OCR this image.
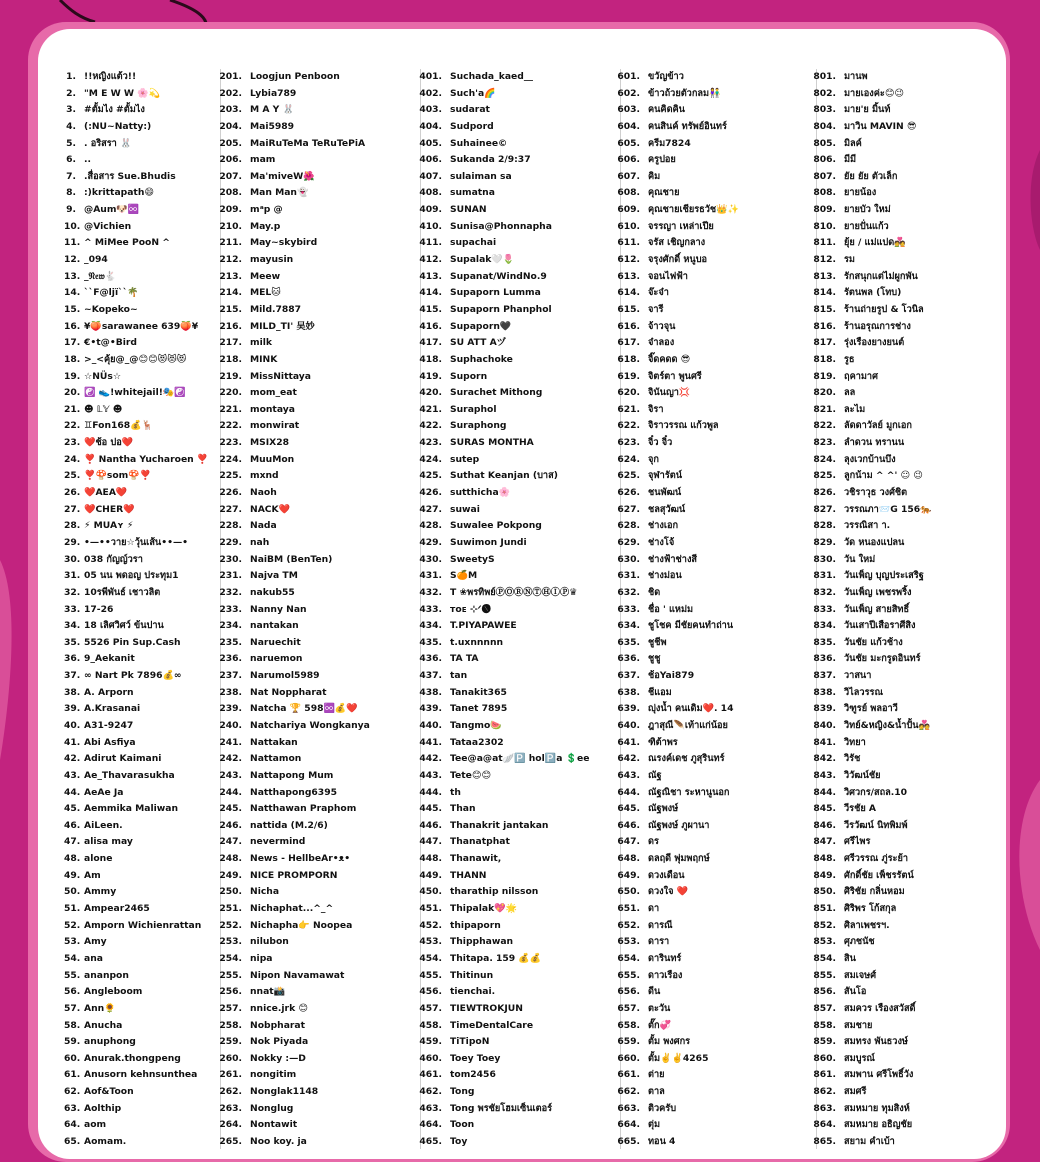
1. !!หญิงแต้ว!!
2. "M E W W 🌸💫
3. #ตั้มไง #ตั้มไง
4. (:NU~Natty:)
5. . อริสรา 🐰
6. ..
7. .สื่อสาร Sue.Bhudis
8. :)krittapath😄
9. @Aum🐶♾️
10. @Vichien
11. ^ MiMee PooN ^
12. _094
13. _𝔑𝔢𝔴🐇
14. ``F@ljï``🌴
15. ~Kopeko~
16. ¥🍑sarawanee 639🍑¥
17. €•t@•Bird
18. >_<คุ้ย@_@😊😊😻😻😻
19. ☆NÜs☆
20. ☯️ 👟!whitejail!🎭☯️
21. ☻ 𝕃𝕐 ☻
22. ♊Fon168💰🦌
23. ❤️ช้อ ปอ❤️
24. ❣️ Nantha Yucharoen ❣️
25. ❣️🍄som🍄❣️
26. ❤️AEA❤️
27. ❤️CHER❤️
28. ⚡ MUAʏ ⚡
29. •—••วาย☆วุ้นเส้น••—•
30. 038 กัญญ์วรา
31. 05 นน พดอญ ประทุม1
32. 10รพีพันธ์ เชาวลิต
33. 17-26
34. 18 เลิศวิศว์ ข้นปาน
35. 5526 Pin Sup.Cash
36. 9_Aekanit
37. ∞ Nart Pk 7896💰∞
38. A. Arporn
39. A.Krasanai
40. A31-9247
41. Abi Asfiya
42. Adirut Kaimani
43. Ae_Thavarasukha
44. AeAe Ja
45. Aemmika Maliwan
46. AiLeen.
47. alisa may
48. alone
49. Am
50. Ammy
51. Ampear2465
52. Amporn Wichienrattan
53. Amy
54. ana
55. ananpon
56. Angleboom
57. Ann🌻
58. Anucha
59. anuphong
60. Anurak.thongpeng
61. Anusorn kehnsunthea
62. Aof&Toon
63. Aolthip
64. aom
65. Aomam.
201. Loogjun Penboon
202. Lybia789
203. M A Y 🐰
204. Mai5989
205. MaiRuTeMa TeRuTePiA
206. mam
207. Ma'miveW🌺
208. Man Man👻
209. mᵃp @
210. May.p
211. May~skybird
212. mayusin
213. Meew
214. MEL🐱
215. Mild.7887
216. MILD_TI' 吴妙
217. milk
218. MINK
219. MissNittaya
220. mom_eat
221. montaya
222. monwirat
223. MSIX28
224. MuuMon
225. mxnd
226. Naoh
227. NACK❤️
228. Nada
229. nah
230. NaiBM (BenTen)
231. Najva TM
232. nakub55
233. Nanny Nan
234. nantakan
235. Naruechit
236. naruemon
237. Narumol5989
238. Nat Noppharat
239. Natcha 🏆 598♾️💰❤️
240. Natchariya Wongkanya
241. Nattakan
242. Nattamon
243. Nattapong Mum
244. Natthapong6395
245. Natthawan Praphom
246. nattida (M.2/6)
247. nevermind
248. News - HellbeAr•ᴥ•
249. NICE PROMPORN
250. Nicha
251. Nichaphat...^_^
252. Nichapha👉 Noopea
253. nilubon
254. nipa
255. Nipon Navamawat
256. nnat📸
257. nnice.jrk 😊
258. Nobpharat
259. Nok Piyada
260. Nokky :—D
261. nongitim
262. Nonglak1148
263. Nonglug
264. Nontawit
265. Noo koy. ja
401. Suchada_kaed__
402. Such'a🌈
403. sudarat
404. Sudpord
405. Suhainee©
406. Sukanda 2/9:37
407. sulaiman sa
408. sumatna
409. SUNAN
410. Sunisa@Phonnapha
411. supachai
412. Supalak🤍🌷
413. Supanat/WindNo.9
414. Supaporn Lumma
415. Supaporn Phanphol
416. Supaporn🖤
417. SU ATT Aヅ
418. Suphachoke
419. Suporn
420. Surachet Mithong
421. Suraphol
422. Suraphong
423. SURAS MONTHA
424. sutep
425. Suthat Keanjan (บาส)
426. sutthicha🌸
427. suwai
428. Suwalee Pokpong
429. Suwimon Jundi
430. SweetyS
431. S🍊M
432. T ❀พรทิพย์ⓅⓄⓇⓃⓉⒽⒾⓅ♛
433. ᴛᴏᴇ ⊹ᐟ🅧
434. T.PIYAPAWEE
435. t.uxnnnnn
436. TA TA
437. tan
438. Tanakit365
439. Tanet 7895
440. Tangmo🍉
441. Tataa2302
442. Tee@a@at🪽🅿️ hol🅿️a 💲ee
443. Tete😊😊
444. th
445. Than
446. Thanakrit jantakan
447. Thanatphat
448. Thanawit,
449. THANN
450. tharathip nilsson
451. Thipalak💖🌟
452. thipaporn
453. Thipphawan
454. Thitapa. 159 💰💰
455. Thitinun
456. tienchai.
457. TIEWTROKJUN
458. TimeDentalCare
459. TiTipoN
460. Toey Toey
461. tom2456
462. Tong
463. Tong พรชัยโฮมเซ็นเตอร์
464. Toon
465. Toy
601. ขวัญข้าว
602. ข้าวถ้วยตัวกลม👫
603. คนคิดคิน
604. คนสินค์ ทรัพย์อินทร์
605. ครีม7824
606. ครูปอย
607. คิม
608. คุณชาย
609. คุณชายเชียรธวัช👑✨
610. จรรญา เหล่าเปีย
611. จรัส เชิญกลาง
612. จรุงศักดิ์ หนูบอ
613. จอนไฟฟ้า
614. จ๊ะจ๋า
615. จารี
616. จ้าวจุน
617. จ๋าลอง
618. จิ๊ดคดด 😎
619. จิตร์ตา พูนศรี
620. จินันญา💢
621. จิรา
622. จิราวรรณ แก้วพูล
623. จิ๋ว จิ๋ว
624. จุก
625. จุฬารัตน์
626. ชนพัฒน์
627. ชลสุวัฒน์
628. ช่างเอก
629. ช่างโจ้
630. ช่างฟ้าช่างสี
631. ช่างม่อน
632. ชิด
633. ชื่อ ' แหม่ม
634. ชูโชค มีชัยคนทำถ่าน
635. ชูชีพ
636. ชูชู
637. ช้อYai879
638. ชีแอม
639. ญุ่งน้ำ คนเดิม❤️. 14
640. ฎาสุณี🪶เท้าแก่น้อย
641. ฑิต้าพร
642. ณรงค์เดช ภูสุรินทร์
643. ณัฐ
644. ณัฐณิชา ระหานูนอก
645. ณัฐพงษ์
646. ณัฐพงษ์ ภูผานา
647. ดร
648. ดลฤดี พุ่มพฤกษ์
649. ดวงเดือน
650. ดวงใจ ❤️
651. ดา
652. ดารณี
653. ดารา
654. ดารินทร์
655. ดาวเรือง
656. ดีน
657. ตะวัน
658. ตั๊ก💞
659. ตั้ม พงศกร
660. ตั้ม✌️✌️4265
661. ต่าย
662. ตาล
663. ติวครับ
664. ตุ่ม
665. ทอน 4
801. มานพ
802. มายเองค่ะ😊😉
803. มาย'ย มิ้นท์
804. มาวิน MAVIN 😎
805. มิลค์
806. มีมี
807. ยัย ยัย ตัวเล็ก
808. ยายน้อง
809. ยายบัว ใหม่
810. ยายปั่นแก้ว
811. ยุ้ย / แม่แปด💑
812. รม
813. รักสนุกแต่ไม่ผูกพัน
814. รัตนพล (โทบ)
815. ร้านถ่ายรูป & โวนิล
816. ร้านอรุณการช่าง
817. รุ่งเรืองยางยนต์
818. รูธ
819. ฤคามาศ
820. ลล
821. ละไม
822. ลัดดาวัลย์ มูกเอก
823. ลำดวน ทรานน
824. ลุงเวกบ้านบึง
825. ลูกน้าม ^ ^' ☺ 😉
826. วชิราวุธ วงศ์ชิต
827. วรรณภา📨G 156🐅
828. วรรณิสา า.
829. วัด หนองแปลน
830. วัน ใหม่
831. วันเพ็ญ บุญประเสริฐ
832. วันเพ็ญ เพชรพริ้ง
833. วันเพ็ญ สายสิทธิ์
834. วันเสาปีเสือราศีสิง
835. วันชัย แก้วช้าง
836. วันชัย มะกรูดอินทร์
837. วาสนา
838. วิไลวรรณ
839. วิฑูรย์ พลอาวี
840. วิทย์&หญิง&น้ำปั้น💑
841. วิทยา
842. วิรัช
843. วิวัฒน์ชัย
844. วิศวกร/สถล.10
845. วีรชัย A
846. วีรวัฒน์ นิทพิมพ์
847. ศรีไพร
848. ศรีวรรณ ภู่ระย้า
849. ศักดิ์ชัย เพ็ชรรัตน์
850. ศิริชัย กลิ่นหอม
851. ศิริพร โก้สกุล
852. ศิลาเพชรฯ.
853. ศุภชนัช
854. สิน
855. สมเจษศ์
856. สันโอ
857. สมควร เรืองสวัสดิ์
858. สมชาย
859. สมทรง พันธวงษ์
860. สมบูรณ์
861. สมพาน ศรีโพธิ์วัง
862. สมศรี
863. สมหมาย ทุมสิงห์
864. สมหมาย อธิญชัย
865. สยาม คำเบ้า
